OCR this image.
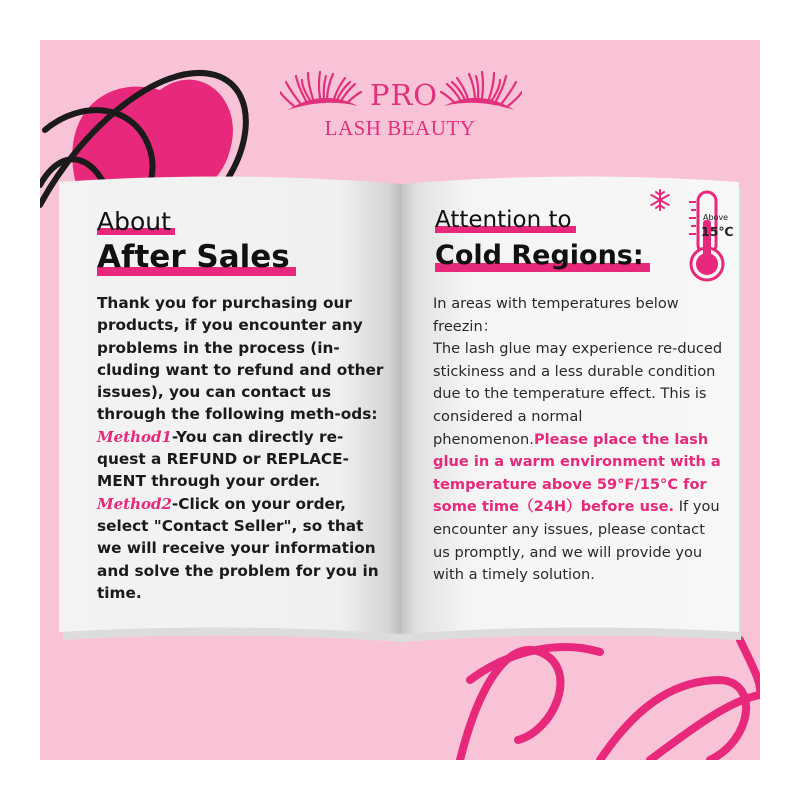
PRO
LASH BEAUTY
About
After Sales
Attention to
Cold Regions:
Above
15℃
Thank you for purchasing our products, if you encounter any problems in the process (in-cluding want to refund and other issues), you can contact us through the following meth-ods:
Method1-You can directly re-quest a REFUND or REPLACE-MENT through your order.
Method2-Click on your order, select "Contact Seller", so that we will receive your information and solve the problem for you in time.
In areas with temperatures below freezin：
The lash glue may experience re-duced stickiness and a less durable condition due to the temperature effect. This is considered a normal phenomenon.Please place the lash glue in a warm environment with a temperature above 59°F/15°C for some time（24H）before use. If you encounter any issues, please contact us promptly, and we will provide you with a timely solution.
